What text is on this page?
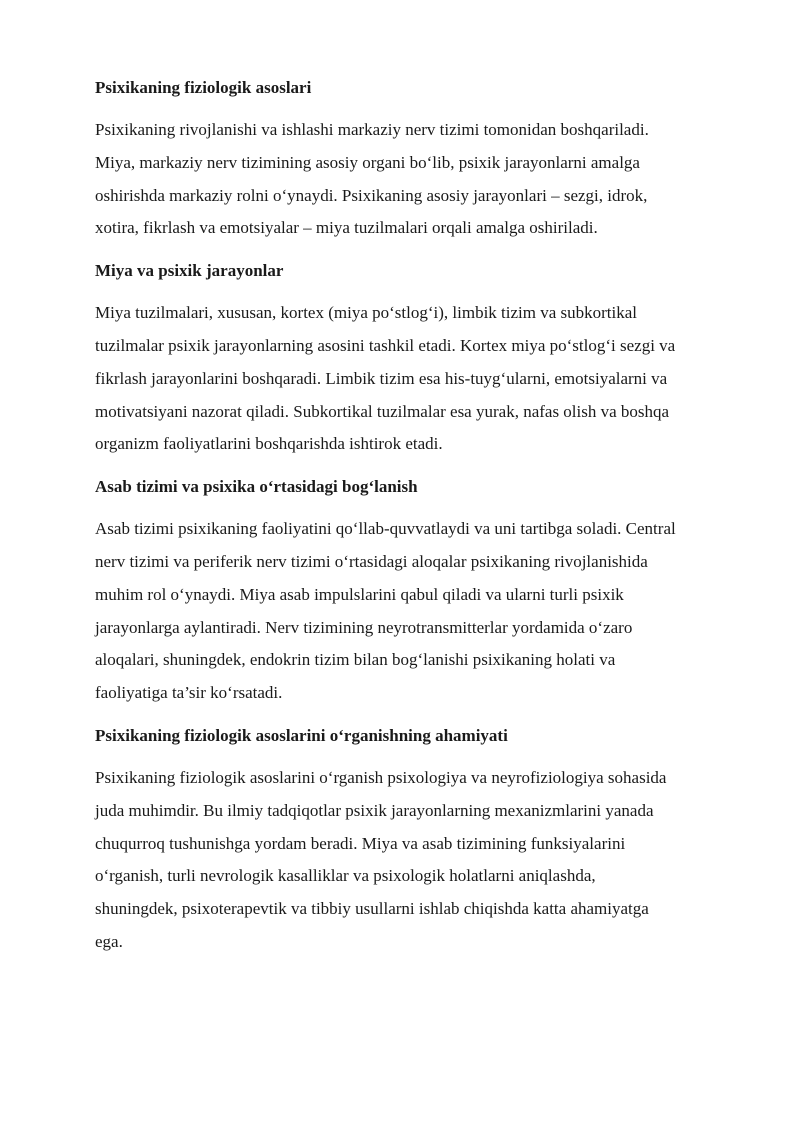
Psixikaning fiziologik asoslari
Psixikaning rivojlanishi va ishlashi markaziy nerv tizimi tomonidan boshqariladi.
Miya, markaziy nerv tizimining asosiy organi bo‘lib, psixik jarayonlarni amalga
oshirishda markaziy rolni o‘ynaydi. Psixikaning asosiy jarayonlari – sezgi, idrok,
xotira, fikrlash va emotsiyalar – miya tuzilmalari orqali amalga oshiriladi.
Miya va psixik jarayonlar
Miya tuzilmalari, xususan, kortex (miya po‘stlog‘i), limbik tizim va subkortikal
tuzilmalar psixik jarayonlarning asosini tashkil etadi. Kortex miya po‘stlog‘i sezgi va
fikrlash jarayonlarini boshqaradi. Limbik tizim esa his-tuyg‘ularni, emotsiyalarni va
motivatsiyani nazorat qiladi. Subkortikal tuzilmalar esa yurak, nafas olish va boshqa
organizm faoliyatlarini boshqarishda ishtirok etadi.
Asab tizimi va psixika o‘rtasidagi bog‘lanish
Asab tizimi psixikaning faoliyatini qo‘llab-quvvatlaydi va uni tartibga soladi. Central
nerv tizimi va periferik nerv tizimi o‘rtasidagi aloqalar psixikaning rivojlanishida
muhim rol o‘ynaydi. Miya asab impulslarini qabul qiladi va ularni turli psixik
jarayonlarga aylantiradi. Nerv tizimining neyrotransmitterlar yordamida o‘zaro
aloqalari, shuningdek, endokrin tizim bilan bog‘lanishi psixikaning holati va
faoliyatiga ta’sir ko‘rsatadi.
Psixikaning fiziologik asoslarini o‘rganishning ahamiyati
Psixikaning fiziologik asoslarini o‘rganish psixologiya va neyrofiziologiya sohasida
juda muhimdir. Bu ilmiy tadqiqotlar psixik jarayonlarning mexanizmlarini yanada
chuqurroq tushunishga yordam beradi. Miya va asab tizimining funksiyalarini
o‘rganish, turli nevrologik kasalliklar va psixologik holatlarni aniqlashda,
shuningdek, psixoterapevtik va tibbiy usullarni ishlab chiqishda katta ahamiyatga
ega.
